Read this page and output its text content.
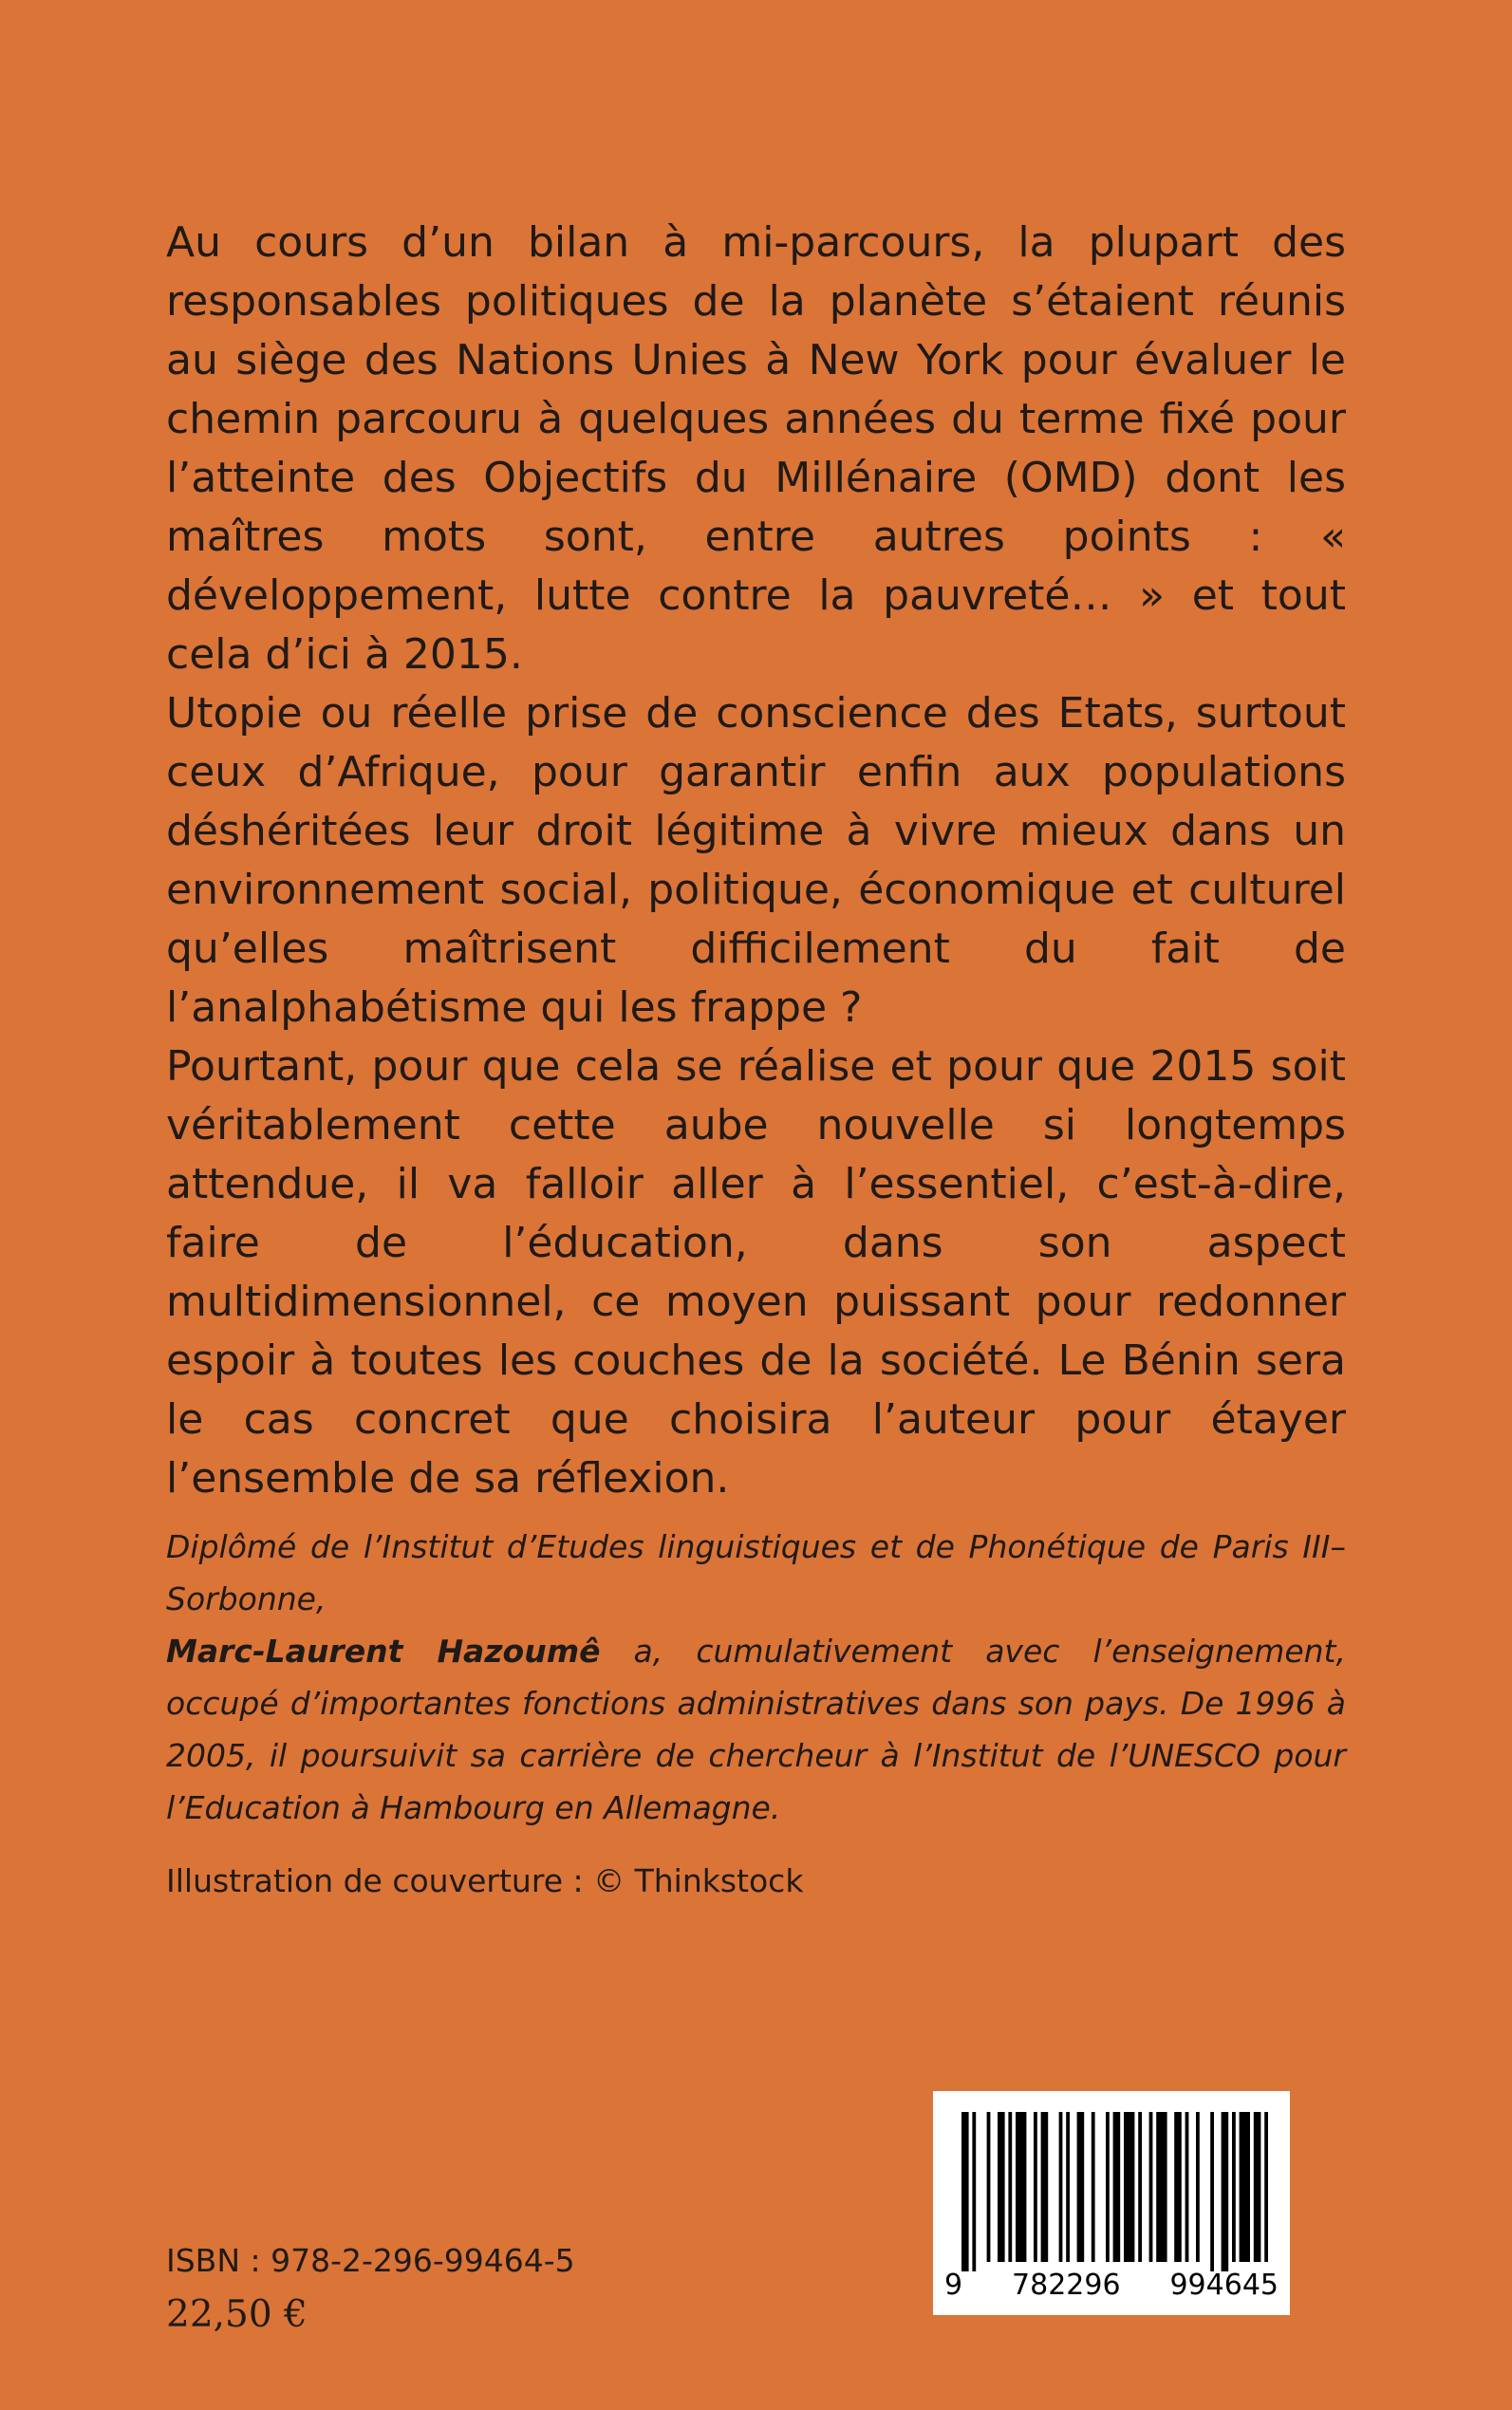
Au cours d’un bilan à mi-parcours, la plupart des responsables politiques de la planète s’étaient réunis au siège des Nations Unies à New York pour évaluer le chemin parcouru à quelques années du terme fixé pour l’atteinte des Objectifs du Millénaire (OMD) dont les maîtres mots sont, entre autres points : « développement, lutte contre la pauvreté… » et tout cela d’ici à 2015.

Utopie ou réelle prise de conscience des Etats, surtout ceux d’Afrique, pour garantir enfin aux populations déshéritées leur droit légitime à vivre mieux dans un environnement social, politique, économique et culturel qu’elles maîtrisent difficilement du fait de l’analphabétisme qui les frappe ?

Pourtant, pour que cela se réalise et pour que 2015 soit véritablement cette aube nouvelle si longtemps attendue, il va falloir aller à l’essentiel, c’est-à-dire, faire de l’éducation, dans son aspect multidimensionnel, ce moyen puissant pour redonner espoir à toutes les couches de la société. Le Bénin sera le cas concret que choisira l’auteur pour étayer l’ensemble de sa réflexion.

Diplômé de l’Institut d’Etudes linguistiques et de Phonétique de Paris III–Sorbonne,
Marc-Laurent Hazoumê a, cumulativement avec l’enseignement, occupé d’importantes fonctions administratives dans son pays. De 1996 à 2005, il poursuivit sa carrière de chercheur à l’Institut de l’UNESCO pour l’Education à Hambourg en Allemagne.

Illustration de couverture : © Thinkstock
ISBN : 978-2-296-99464-5
22,50 €
9 782296 994645
